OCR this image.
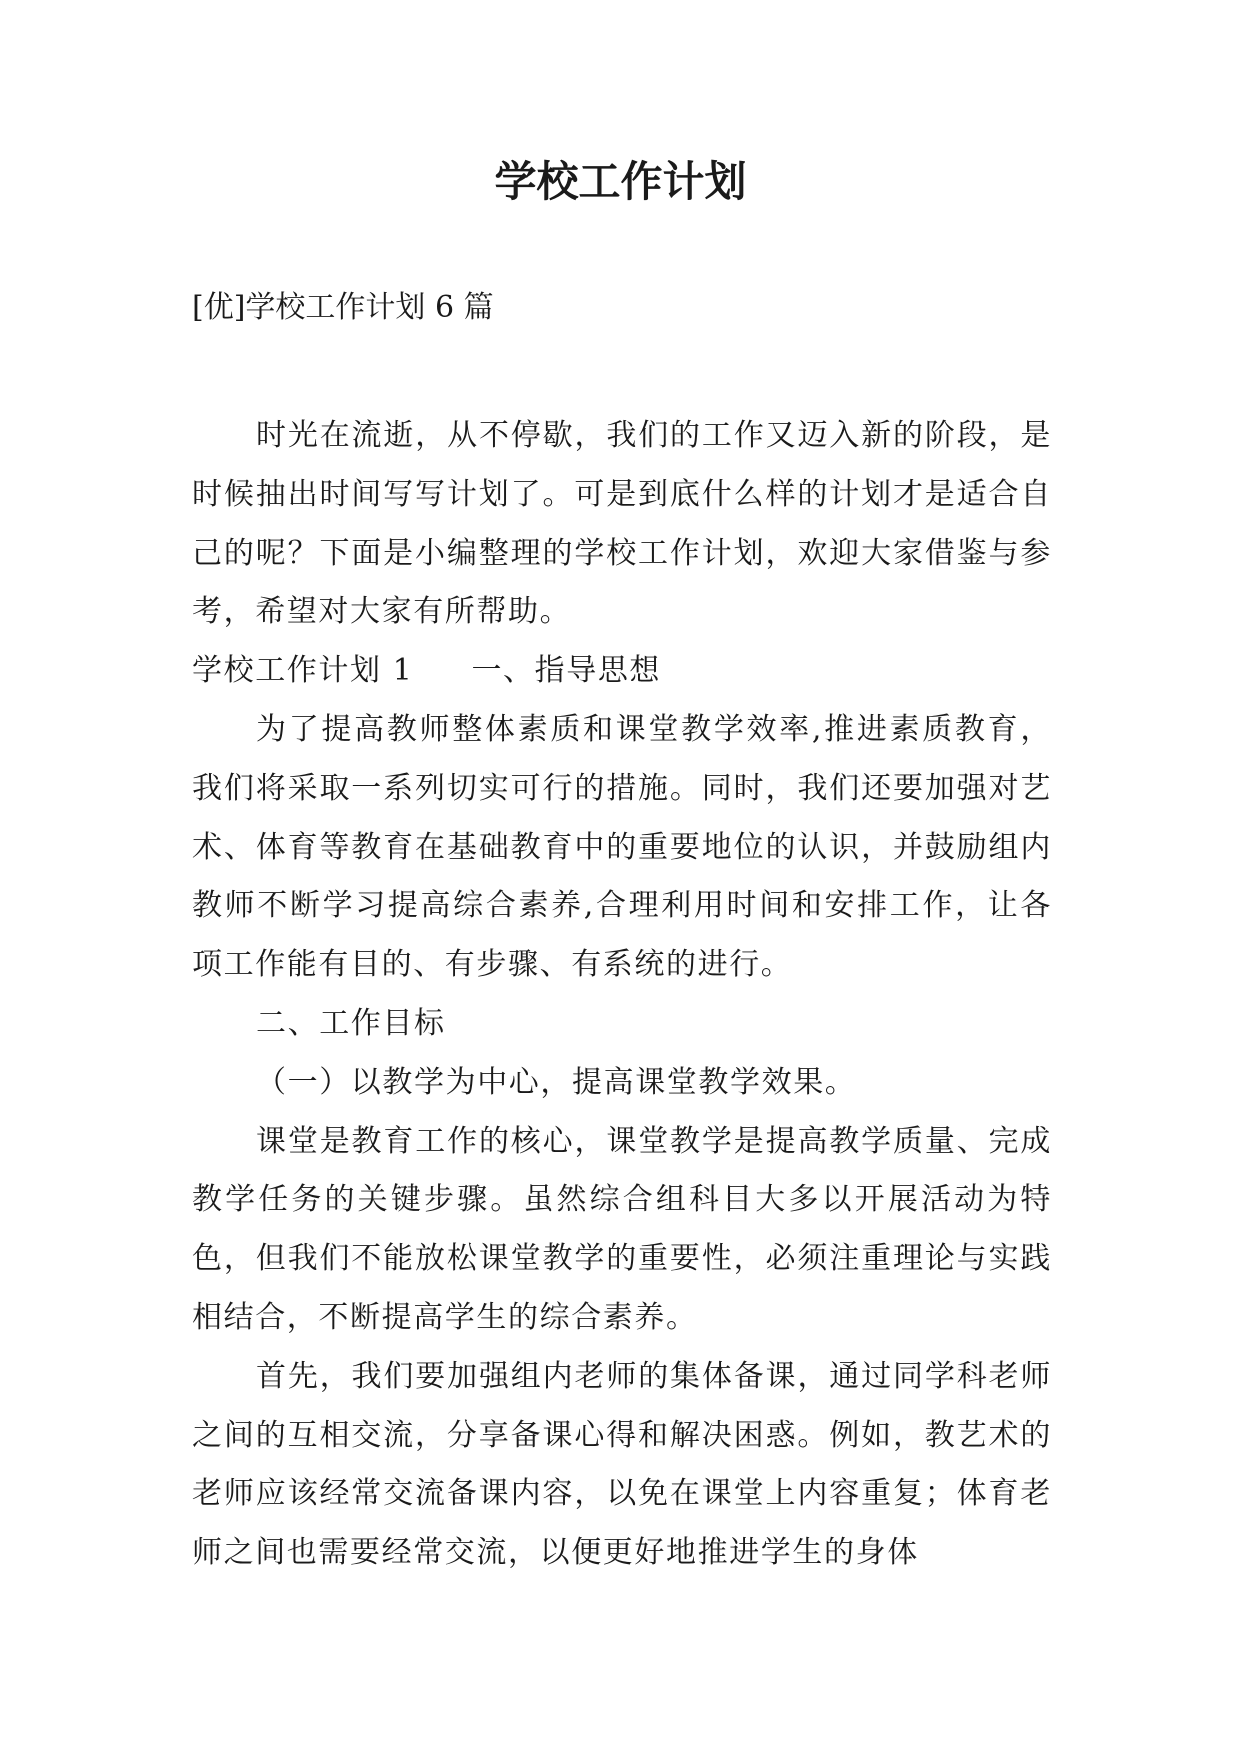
学校工作计划

[优]学校工作计划 6 篇

时光在流逝，从不停歇，我们的工作又迈入新的阶段，是时候抽出时间写写计划了。可是到底什么样的计划才是适合自己的呢？下面是小编整理的学校工作计划，欢迎大家借鉴与参考，希望对大家有所帮助。

学校工作计划 1 一、指导思想

为了提高教师整体素质和课堂教学效率,推进素质教育，我们将采取一系列切实可行的措施。同时，我们还要加强对艺术、体育等教育在基础教育中的重要地位的认识，并鼓励组内教师不断学习提高综合素养,合理利用时间和安排工作，让各项工作能有目的、有步骤、有系统的进行。

二、工作目标

（一）以教学为中心，提高课堂教学效果。

课堂是教育工作的核心，课堂教学是提高教学质量、完成教学任务的关键步骤。虽然综合组科目大多以开展活动为特色，但我们不能放松课堂教学的重要性，必须注重理论与实践相结合，不断提高学生的综合素养。

首先，我们要加强组内老师的集体备课，通过同学科老师之间的互相交流，分享备课心得和解决困惑。例如，教艺术的老师应该经常交流备课内容，以免在课堂上内容重复；体育老师之间也需要经常交流，以便更好地推进学生的身体
